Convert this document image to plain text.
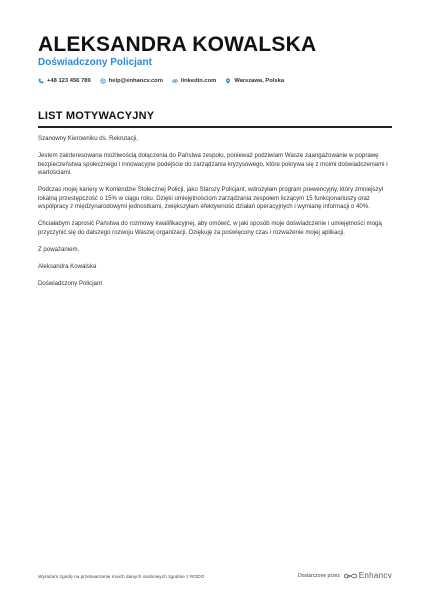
ALEKSANDRA KOWALSKA
Doświadczony Policjant
+48 123 456 789	help@enhancv.com	linkedin.com	Warszawa, Polska
LIST MOTYWACYJNY

Szanowny Kierowniku ds. Rekrutacji,

Jestem zainteresowana możliwością dołączenia do Państwa zespołu, ponieważ podziwiam Wasze zaangażowanie w poprawę bezpieczeństwa społecznego i innowacyjne podejście do zarządzania kryzysowego, które pokrywa się z moimi doświadczeniami i wartościami.

Podczas mojej kariery w Komendzie Stołecznej Policji, jako Starszy Policjant, wdrożyłam program prewencyjny, który zmniejszył lokalną przestępczość o 15% w ciągu roku. Dzięki umiejętnościom zarządzania zespołem liczącym 15 funkcjonariuszy oraz współpracy z międzynarodowymi jednostkami, zwiększyłam efektywność działań operacyjnych i wymianę informacji o 40%.

Chciałabym zaprosić Państwa do rozmowy kwalifikacyjnej, aby omówić, w jaki sposób moje doświadczenie i umiejętności mogą przyczynić się do dalszego rozwoju Waszej organizacji. Dziękuję za poświęcony czas i rozważenie mojej aplikacji.

Z poważaniem,

Aleksandra Kowalska

Doświadczony Policjant

Wyrażam zgodę na przetwarzanie moich danych osobowych zgodnie z RODO	Dostarczone przez Enhancv
